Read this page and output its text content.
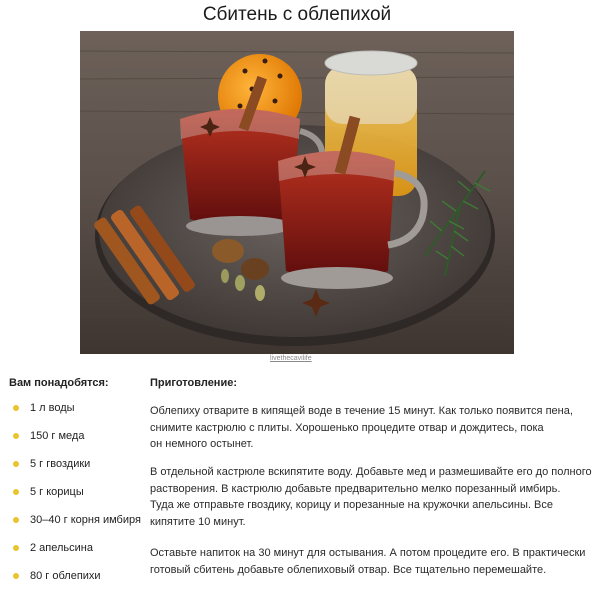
Сбитень с облепихой
livethecavilife
Вам понадобятся:	Приготовление:
1 л воды
150 г меда
5 г гвоздики
5 г корицы
30–40 г корня имбиря
2 апельсина
80 г облепихи
Облепиху отварите в кипящей воде в течение 15 минут. Как только появится пена,
снимите кастрюлю с плиты. Хорошенько процедите отвар и дождитесь, пока
он немного остынет.
В отдельной кастрюле вскипятите воду. Добавьте мед и размешивайте его до полного
растворения. В кастрюлю добавьте предварительно мелко порезанный имбирь.
Туда же отправьте гвоздику, корицу и порезанные на кружочки апельсины. Все
кипятите 10 минут.
Оставьте напиток на 30 минут для остывания. А потом процедите его. В практически
готовый сбитень добавьте облепиховый отвар. Все тщательно перемешайте.
